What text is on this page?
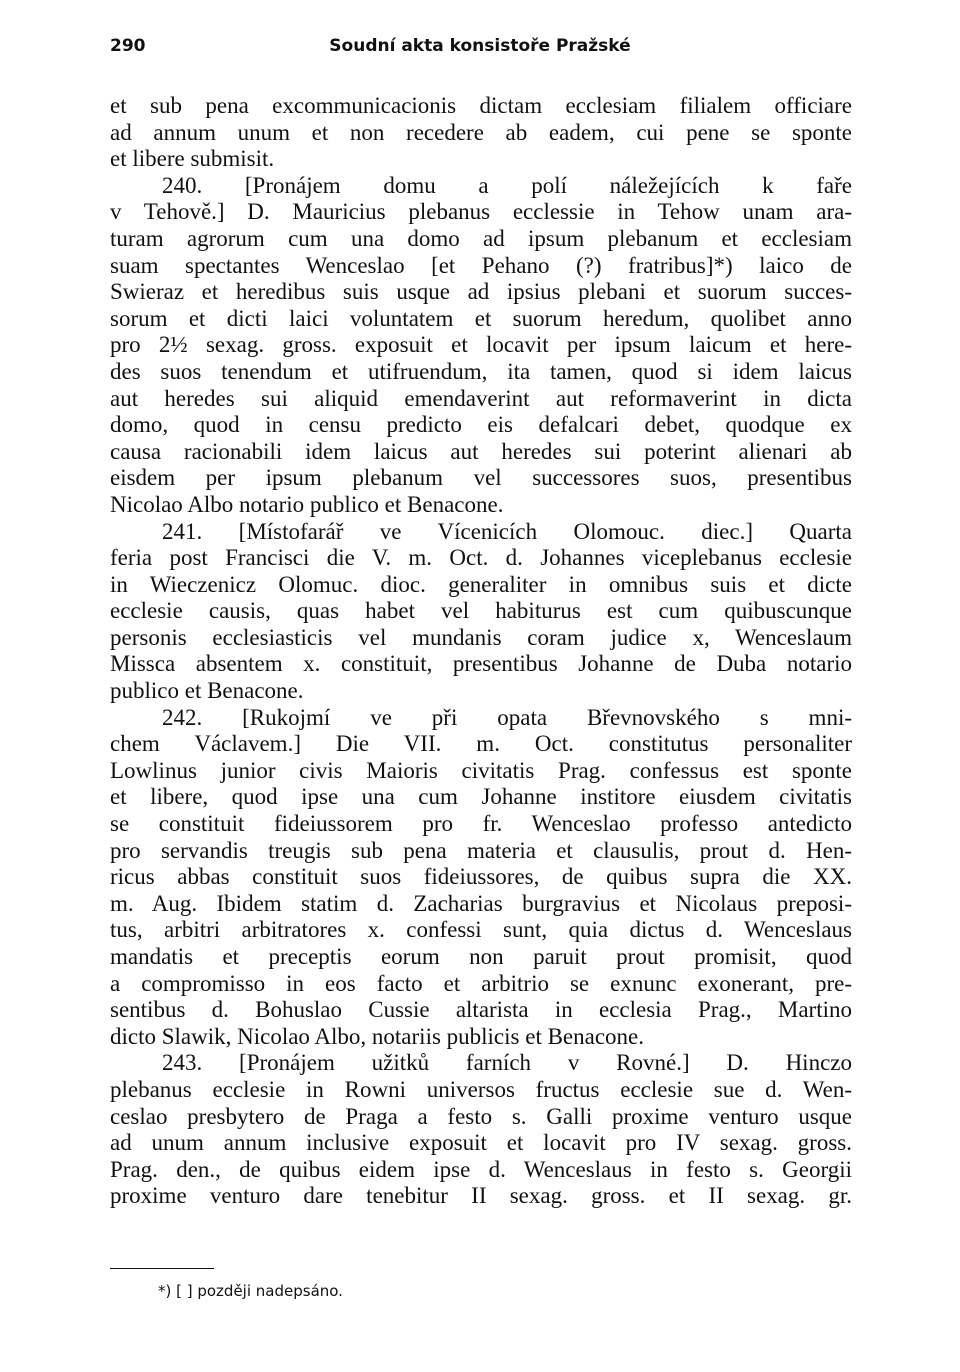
290	Soudní akta konsistoře Pražské
et sub pena excommunicacionis dictam ecclesiam filialem officiare
ad annum unum et non recedere ab eadem, cui pene se sponte
et libere submisit.
240. [Pronájem domu a polí náležejících k faře
v Tehově.] D. Mauricius plebanus ecclessie in Tehow unam ara-
turam agrorum cum una domo ad ipsum plebanum et ecclesiam
suam spectantes Wenceslao [et Pehano (?) fratribus]*) laico de
Swieraz et heredibus suis usque ad ipsius plebani et suorum succes-
sorum et dicti laici voluntatem et suorum heredum, quolibet anno
pro 2½ sexag. gross. exposuit et locavit per ipsum laicum et here-
des suos tenendum et utifruendum, ita tamen, quod si idem laicus
aut heredes sui aliquid emendaverint aut reformaverint in dicta
domo, quod in censu predicto eis defalcari debet, quodque ex
causa racionabili idem laicus aut heredes sui poterint alienari ab
eisdem per ipsum plebanum vel successores suos, presentibus
Nicolao Albo notario publico et Benacone.
241. [Místofarář ve Vícenicích Olomouc. diec.] Quarta
feria post Francisci die V. m. Oct. d. Johannes viceplebanus ecclesie
in Wieczenicz Olomuc. dioc. generaliter in omnibus suis et dicte
ecclesie causis, quas habet vel habiturus est cum quibuscunque
personis ecclesiasticis vel mundanis coram judice x, Wenceslaum
Missca absentem x. constituit, presentibus Johanne de Duba notario
publico et Benacone.
242. [Rukojmí ve při opata Břevnovského s mni-
chem Václavem.] Die VII. m. Oct. constitutus personaliter
Lowlinus junior civis Maioris civitatis Prag. confessus est sponte
et libere, quod ipse una cum Johanne institore eiusdem civitatis
se constituit fideiussorem pro fr. Wenceslao professo antedicto
pro servandis treugis sub pena materia et clausulis, prout d. Hen-
ricus abbas constituit suos fideiussores, de quibus supra die XX.
m. Aug. Ibidem statim d. Zacharias burgravius et Nicolaus preposi-
tus, arbitri arbitratores x. confessi sunt, quia dictus d. Wenceslaus
mandatis et preceptis eorum non paruit prout promisit, quod
a compromisso in eos facto et arbitrio se exnunc exonerant, pre-
sentibus d. Bohuslao Cussie altarista in ecclesia Prag., Martino
dicto Slawik, Nicolao Albo, notariis publicis et Benacone.
243. [Pronájem užitků farních v Rovné.] D. Hinczo
plebanus ecclesie in Rowni universos fructus ecclesie sue d. Wen-
ceslao presbytero de Praga a festo s. Galli proxime venturo usque
ad unum annum inclusive exposuit et locavit pro IV sexag. gross.
Prag. den., de quibus eidem ipse d. Wenceslaus in festo s. Georgii
proxime venturo dare tenebitur II sexag. gross. et II sexag. gr.
*) [ ] později nadepsáno.
